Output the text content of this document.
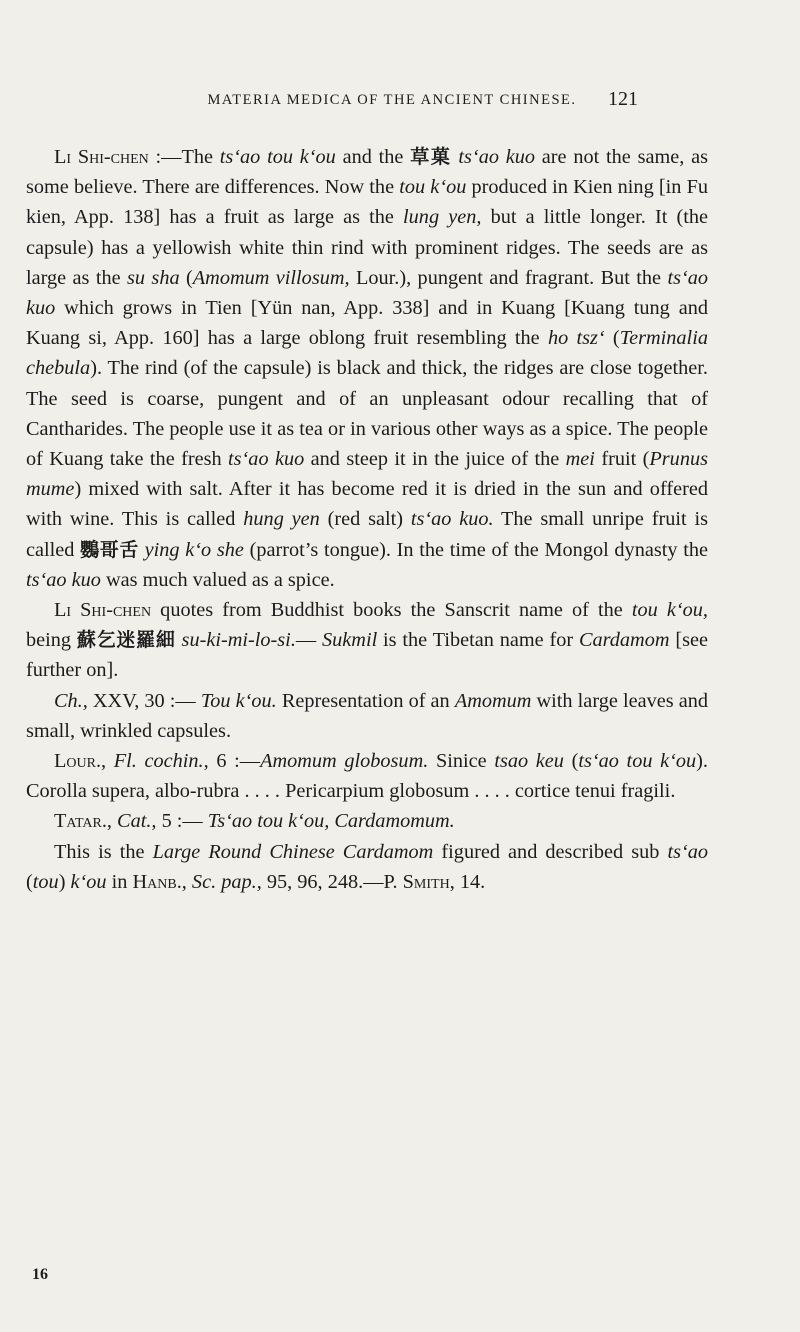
MATERIA MEDICA OF THE ANCIENT CHINESE.	121

Li Shi-chen :—The ts‘ao tou k‘ou and the 草菓 ts‘ao kuo are not the same, as some believe. There are differences. Now the tou k‘ou produced in Kien ning [in Fu kien, App. 138] has a fruit as large as the lung yen, but a little longer. It (the capsule) has a yellowish white thin rind with prominent ridges. The seeds are as large as the su sha (Amomum villosum, Lour.), pungent and fragrant. But the ts‘ao kuo which grows in Tien [Yün nan, App. 338] and in Kuang [Kuang tung and Kuang si, App. 160] has a large oblong fruit resembling the ho tsz‘ (Terminalia chebula). The rind (of the capsule) is black and thick, the ridges are close together. The seed is coarse, pungent and of an unpleasant odour recalling that of Cantharides. The people use it as tea or in various other ways as a spice. The people of Kuang take the fresh ts‘ao kuo and steep it in the juice of the mei fruit (Prunus mume) mixed with salt. After it has become red it is dried in the sun and offered with wine. This is called hung yen (red salt) ts‘ao kuo. The small unripe fruit is called 鸚哥舌 ying k‘o she (parrot’s tongue). In the time of the Mongol dynasty the ts‘ao kuo was much valued as a spice.

Li Shi-chen quotes from Buddhist books the Sanscrit name of the tou k‘ou, being 蘇乞迷羅細 su-ki-mi-lo-si.— Sukmil is the Tibetan name for Cardamom [see further on].

Ch., XXV, 30 :— Tou k‘ou. Representation of an Amomum with large leaves and small, wrinkled capsules.

Lour., Fl. cochin., 6 :—Amomum globosum. Sinice tsao keu (ts‘ao tou k‘ou). Corolla supera, albo-rubra . . . . Pericarpium globosum . . . . cortice tenui fragili.

Tatar., Cat., 5 :— Ts‘ao tou k‘ou, Cardamomum.

This is the Large Round Chinese Cardamom figured and described sub ts‘ao (tou) k‘ou in Hanb., Sc. pap., 95, 96, 248.—P. Smith, 14.

16
